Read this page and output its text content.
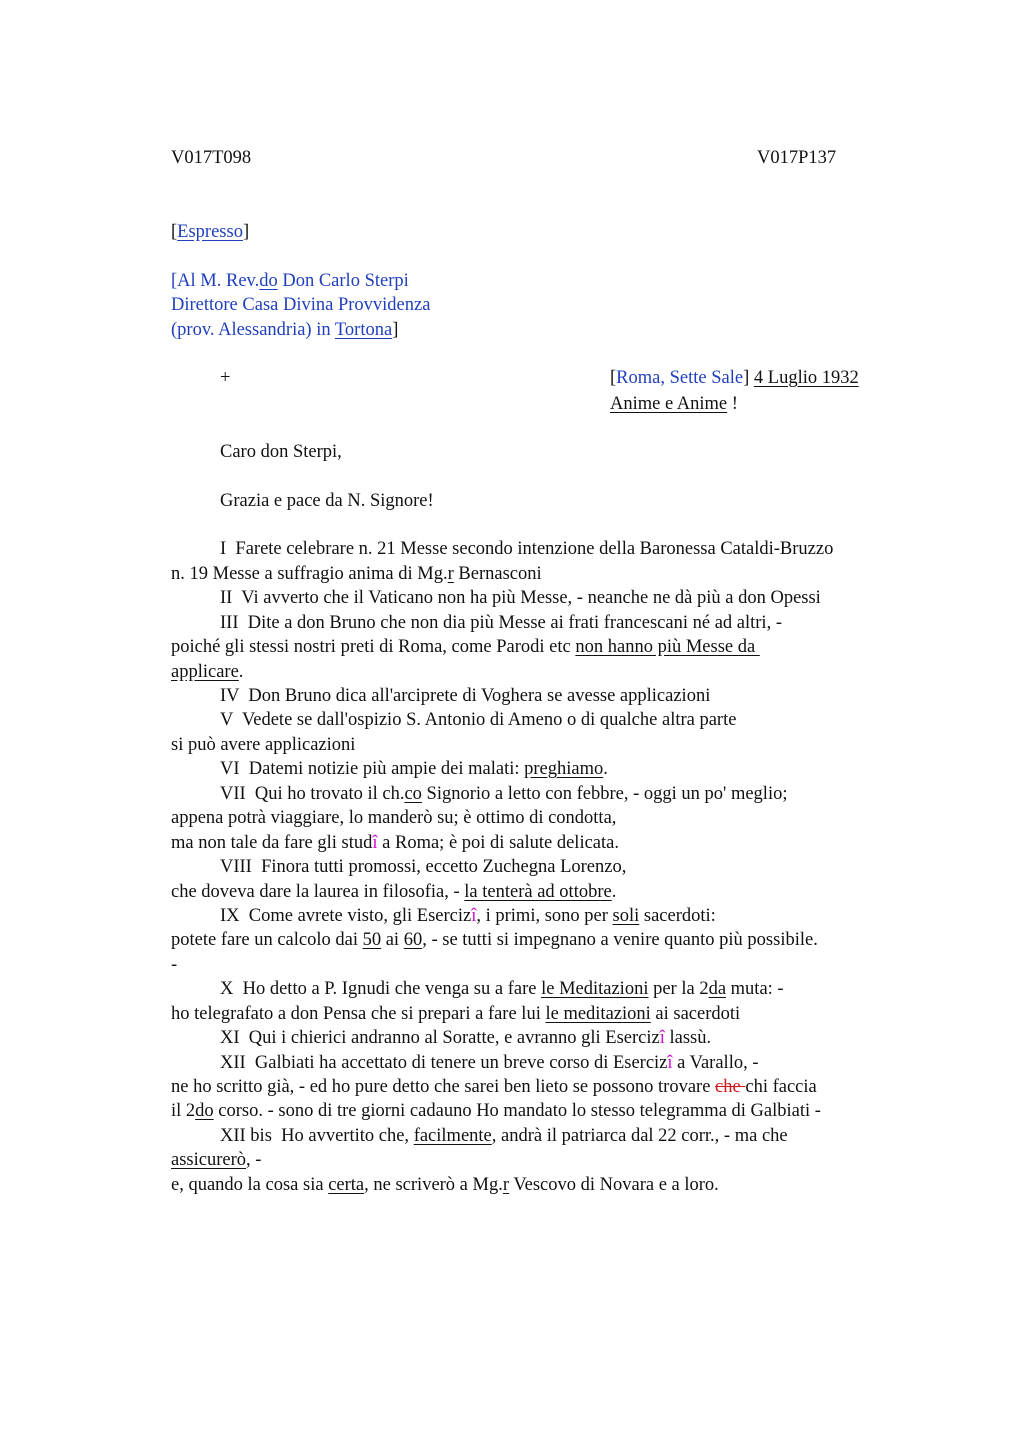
V017T098	V017P137
[Espresso]
[Al M. Rev.do Don Carlo Sterpi
Direttore Casa Divina Provvidenza
(prov. Alessandria) in Tortona]
+	[Roma, Sette Sale] 4 Luglio 1932
Anime e Anime !
Caro don Sterpi,
Grazia e pace da N. Signore!
I  Farete celebrare n. 21 Messe secondo intenzione della Baronessa Cataldi-Bruzzo
n. 19 Messe a suffragio anima di Mg.r Bernasconi
II  Vi avverto che il Vaticano non ha più Messe, - neanche ne dà più a don Opessi
III  Dite a don Bruno che non dia più Messe ai frati francescani né ad altri, -
poiché gli stessi nostri preti di Roma, come Parodi etc non hanno più Messe da
applicare.
IV  Don Bruno dica all'arciprete di Voghera se avesse applicazioni
V  Vedete se dall'ospizio S. Antonio di Ameno o di qualche altra parte
si può avere applicazioni
VI  Datemi notizie più ampie dei malati: preghiamo.
VII  Qui ho trovato il ch.co Signorio a letto con febbre, - oggi un po' meglio;
appena potrà viaggiare, lo manderò su; è ottimo di condotta,
ma non tale da fare gli studî a Roma; è poi di salute delicata.
VIII  Finora tutti promossi, eccetto Zuchegna Lorenzo,
che doveva dare la laurea in filosofia, - la tenterà ad ottobre.
IX  Come avrete visto, gli Esercizî, i primi, sono per soli sacerdoti:
potete fare un calcolo dai 50 ai 60, - se tutti si impegnano a venire quanto più possibile.
-
X  Ho detto a P. Ignudi che venga su a fare le Meditazioni per la 2da muta: -
ho telegrafato a don Pensa che si prepari a fare lui le meditazioni ai sacerdoti
XI  Qui i chierici andranno al Soratte, e avranno gli Esercizî lassù.
XII  Galbiati ha accettato di tenere un breve corso di Esercizî a Varallo, -
ne ho scritto già, - ed ho pure detto che sarei ben lieto se possono trovare che chi faccia
il 2do corso. - sono di tre giorni cadauno Ho mandato lo stesso telegramma di Galbiati -
XII bis  Ho avvertito che, facilmente, andrà il patriarca dal 22 corr., - ma che
assicurerò, -
e, quando la cosa sia certa, ne scriverò a Mg.r Vescovo di Novara e a loro.
